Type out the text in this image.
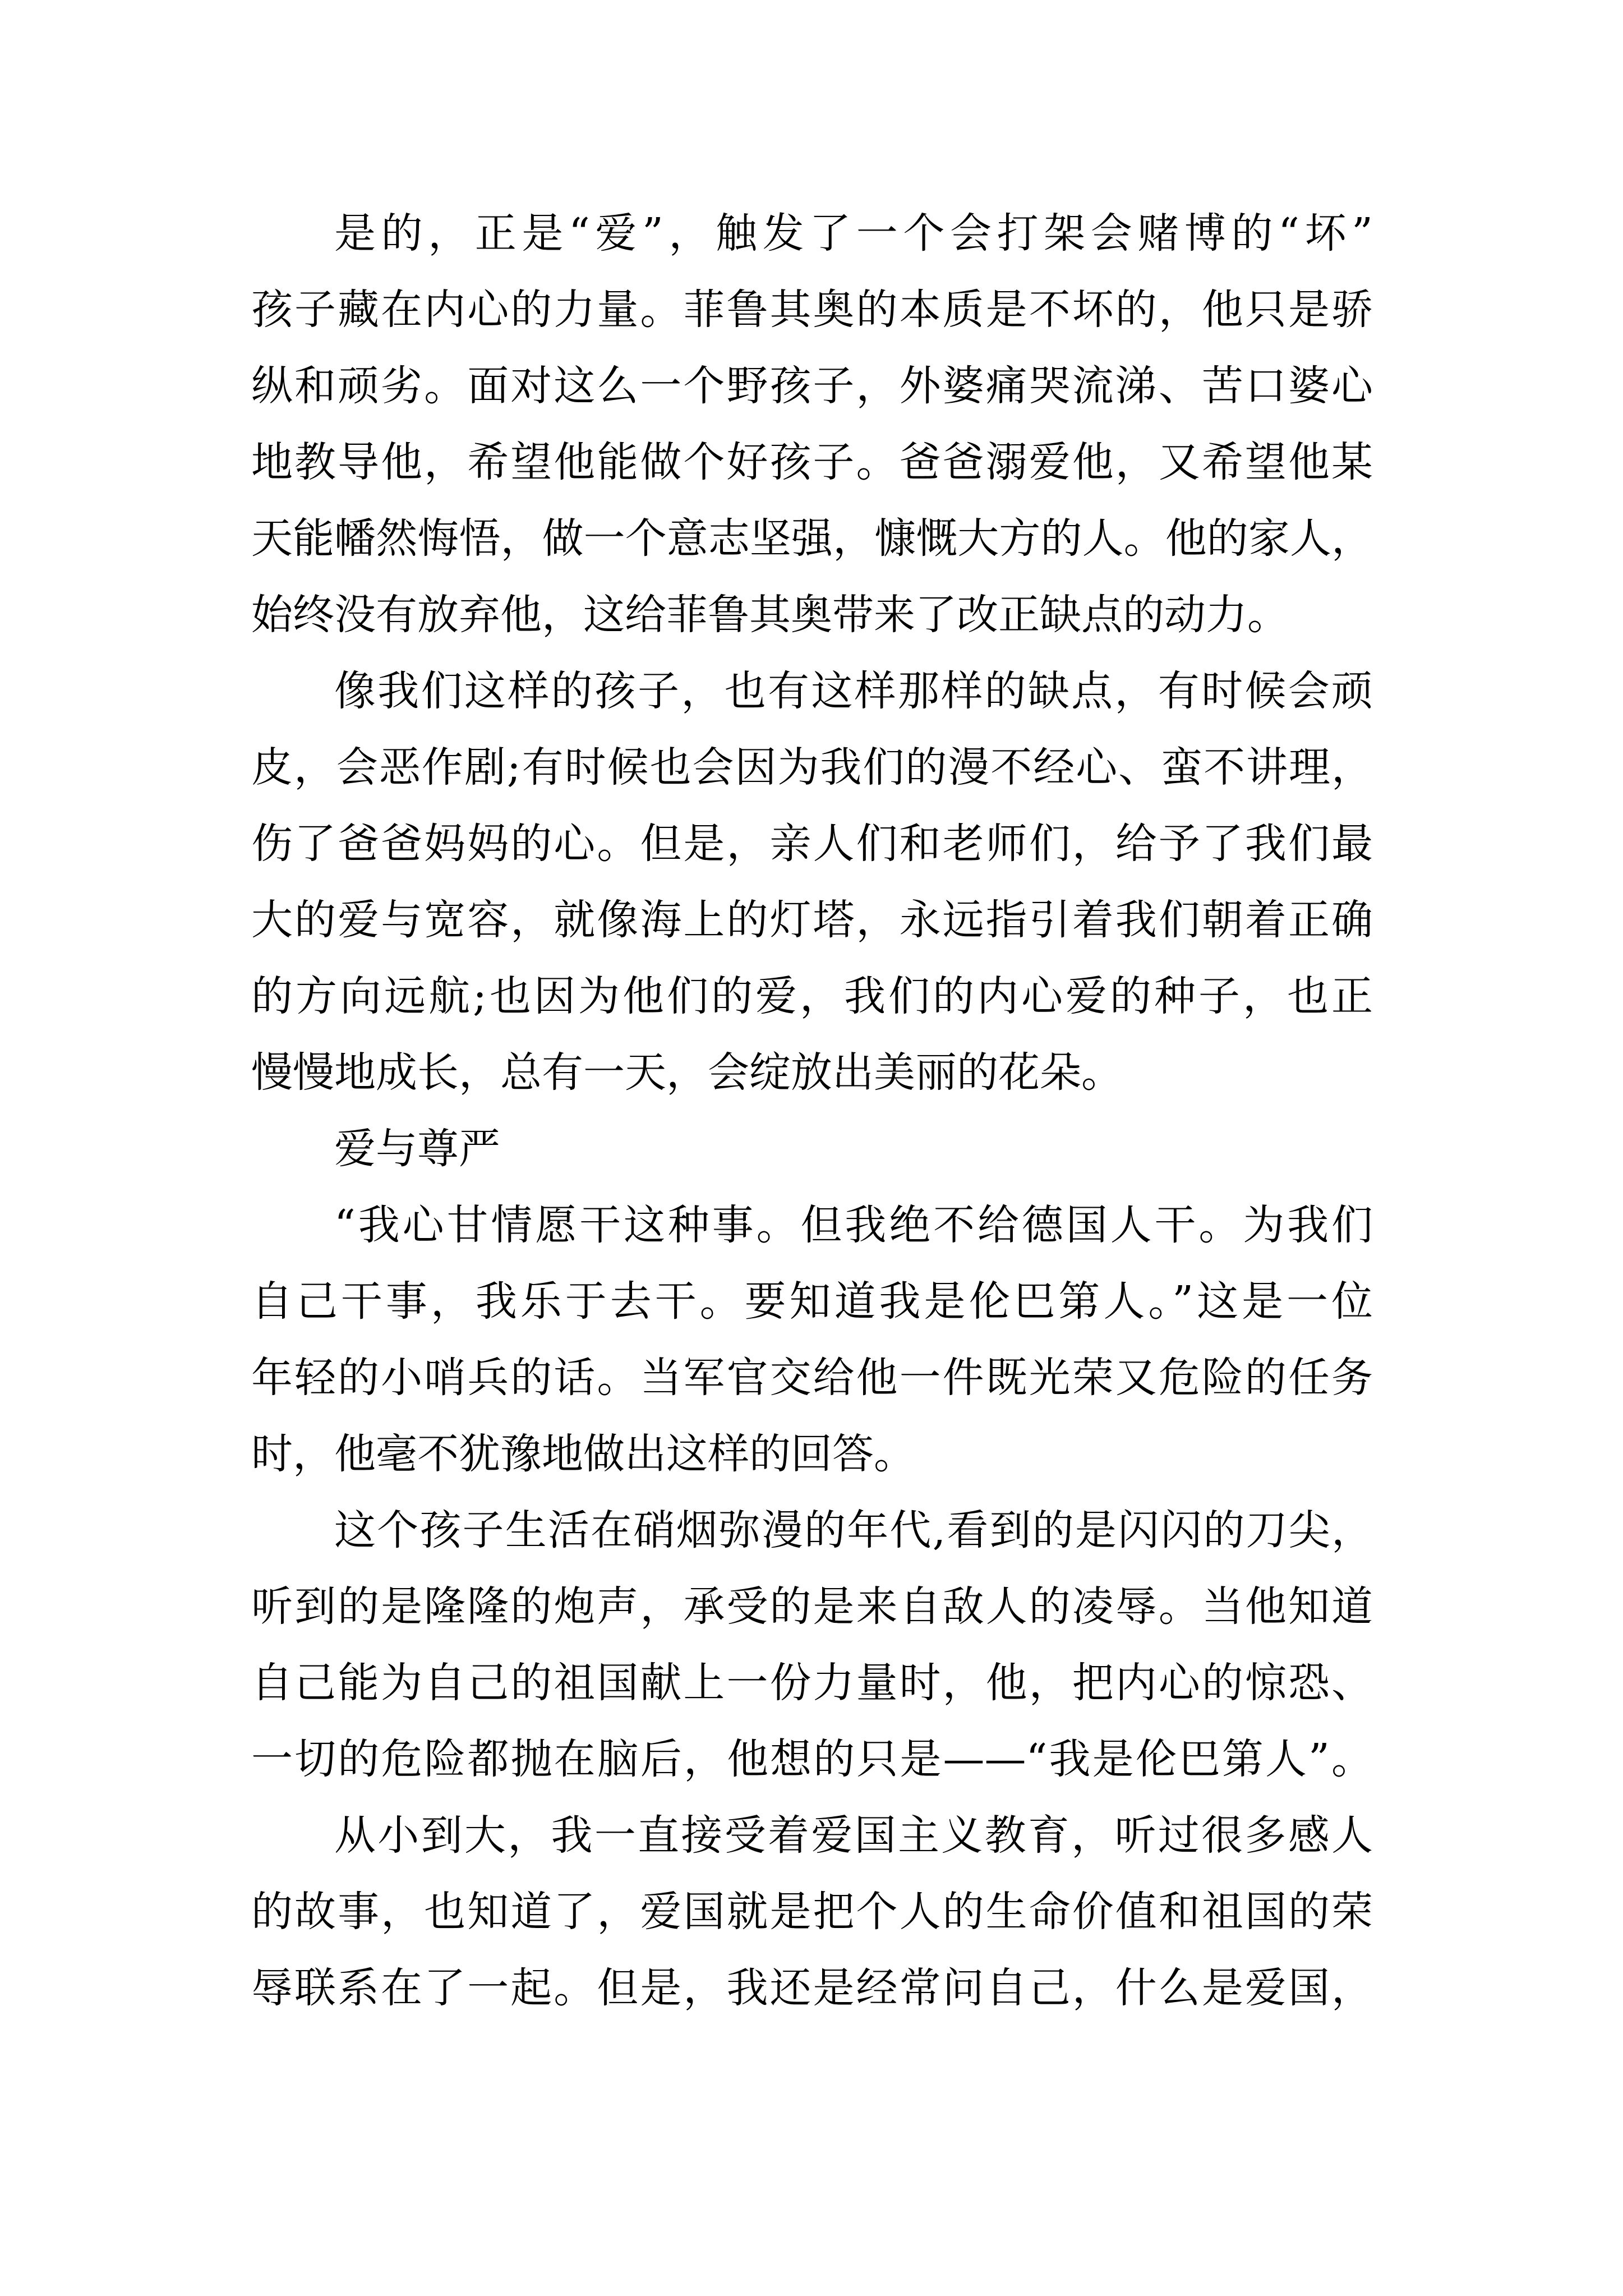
是的，正是“爱”，触发了一个会打架会赌博的“坏”
孩子藏在内心的力量。菲鲁其奥的本质是不坏的，他只是骄
纵和顽劣。面对这么一个野孩子，外婆痛哭流涕、苦口婆心
地教导他，希望他能做个好孩子。爸爸溺爱他，又希望他某
天能幡然悔悟，做一个意志坚强，慷慨大方的人。他的家人，
始终没有放弃他，这给菲鲁其奥带来了改正缺点的动力。
像我们这样的孩子，也有这样那样的缺点，有时候会顽
皮，会恶作剧;有时候也会因为我们的漫不经心、蛮不讲理，
伤了爸爸妈妈的心。但是，亲人们和老师们，给予了我们最
大的爱与宽容，就像海上的灯塔，永远指引着我们朝着正确
的方向远航;也因为他们的爱，我们的内心爱的种子，也正
慢慢地成长，总有一天，会绽放出美丽的花朵。
爱与尊严
“我心甘情愿干这种事。但我绝不给德国人干。为我们
自己干事，我乐于去干。要知道我是伦巴第人。”这是一位
年轻的小哨兵的话。当军官交给他一件既光荣又危险的任务
时，他毫不犹豫地做出这样的回答。
这个孩子生活在硝烟弥漫的年代,看到的是闪闪的刀尖，
听到的是隆隆的炮声，承受的是来自敌人的凌辱。当他知道
自己能为自己的祖国献上一份力量时，他，把内心的惊恐、
一切的危险都抛在脑后，他想的只是——“我是伦巴第人”。
从小到大，我一直接受着爱国主义教育，听过很多感人
的故事，也知道了，爱国就是把个人的生命价值和祖国的荣
辱联系在了一起。但是，我还是经常问自己，什么是爱国，
